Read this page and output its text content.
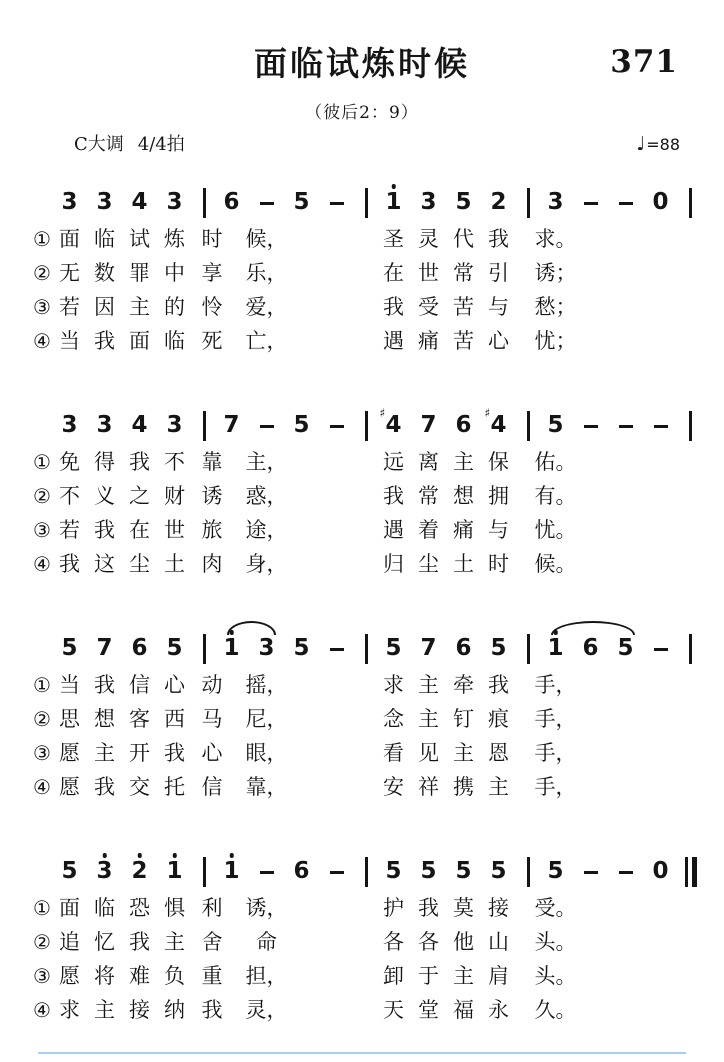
371
面临试炼时候
（彼后2：9）
C大调 4/4拍	♩=88
3 3 4 3 6 5	1 3 5 2 3	0
① 面 临 试 炼 时 候，	圣 灵 代 我 求。
② 无 数 罪 中 享 乐，	在 世 常 引 诱；
③ 若 因 主 的 怜 爱，	我 受 苦 与 愁；
④ 当 我 面 临 死 亡，	遇 痛 苦 心 忧；
3 3 4 3 7 5	4
♯ 7 6 4
♯ 5
① 免 得 我 不 靠 主，	远 离 主 保 佑。
② 不 义 之 财 诱 惑，	我 常 想 拥 有。
③ 若 我 在 世 旅 途，	遇 着 痛 与 忧。
④ 我 这 尘 土 肉 身，	归 尘 土 时 候。
5 7 6 5 1 3 5	5 7 6 5 1 6 5
① 当 我 信 心 动 摇，	求 主 牵 我 手，
② 思 想 客 西 马 尼，	念 主 钉 痕 手，
③ 愿 主 开 我 心 眼，	看 见 主 恩 手，
④ 愿 我 交 托 信 靠，	安 祥 携 主 手，
5 3 2 1 1 6	5 5 5 5 5	0
① 面 临 恐 惧 利 诱，	护 我 莫 接 受。
② 追 忆 我 主 舍 命	各 各 他 山 头。
③ 愿 将 难 负 重 担，	卸 于 主 肩 头。
④ 求 主 接 纳 我 灵，	天 堂 福 永 久。
